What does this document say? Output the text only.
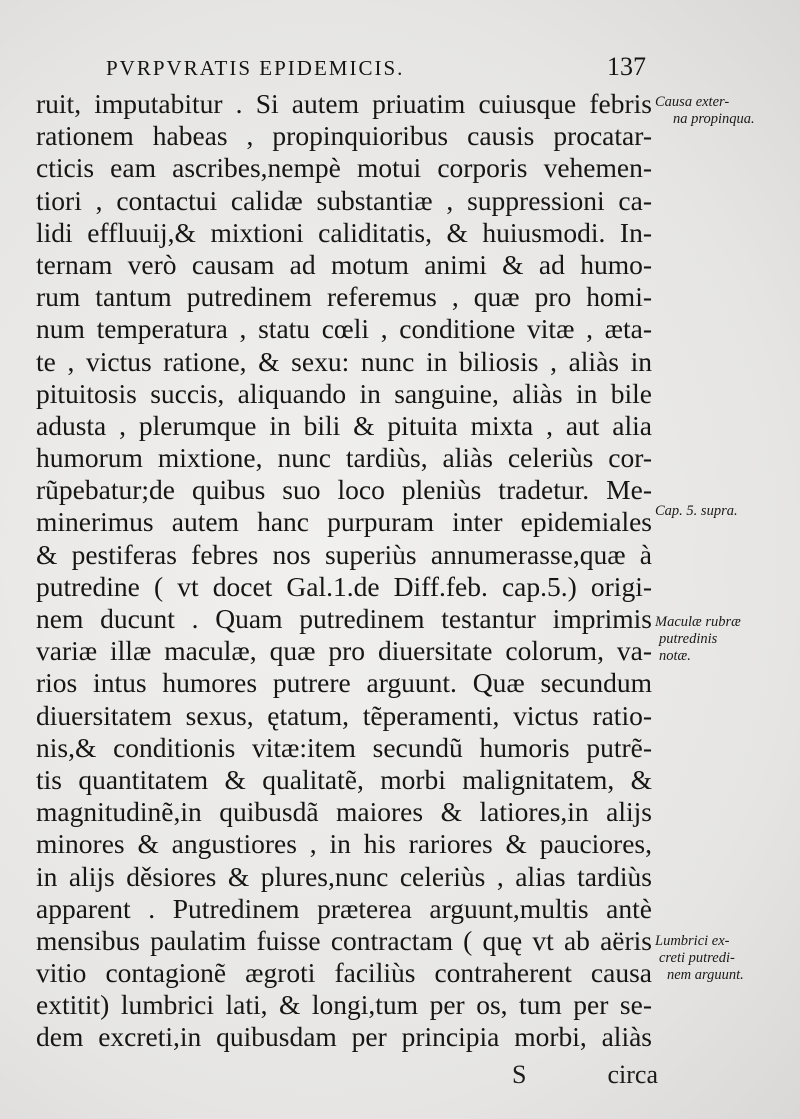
PVRPVRATIS EPIDEMICIS.	137
ruit, imputabitur . Si autem priuatim cuiusque febris
rationem habeas , propinquioribus causis procatar-
cticis eam ascribes,nempè motui corporis vehemen-
tiori , contactui calidæ substantiæ , suppressioni ca-
lidi effluuij,& mixtioni caliditatis, & huiusmodi. In-
ternam verò causam ad motum animi & ad humo-
rum tantum putredinem referemus , quæ pro homi-
num temperatura , statu cœli , conditione vitæ , æta-
te , victus ratione, & sexu: nunc in biliosis , aliàs in
pituitosis succis, aliquando in sanguine, aliàs in bile
adusta , plerumque in bili & pituita mixta , aut alia
humorum mixtione, nunc tardiùs, aliàs celeriùs cor-
rũpebatur;de quibus suo loco pleniùs tradetur. Me-
minerimus autem hanc purpuram inter epidemiales
& pestiferas febres nos superiùs annumerasse,quæ à
putredine ( vt docet Gal.1.de Diff.feb. cap.5.) origi-
nem ducunt . Quam putredinem testantur imprimis
variæ illæ maculæ, quæ pro diuersitate colorum, va-
rios intus humores putrere arguunt. Quæ secundum
diuersitatem sexus, ętatum, tẽperamenti, victus ratio-
nis,& conditionis vitæ:item secundũ humoris putrẽ-
tis quantitatem & qualitatẽ, morbi malignitatem, &
magnitudinẽ,in quibusdã maiores & latiores,in alijs
minores & angustiores , in his rariores & pauciores,
in alijs děsiores & plures,nunc celeriùs , alias tardiùs
apparent . Putredinem præterea arguunt,multis antè
mensibus paulatim fuisse contractam ( quę vt ab aëris
vitio contagionẽ ægroti faciliùs contraherent causa
extitit) lumbrici lati, & longi,tum per os, tum per se-
dem excreti,in quibusdam per principia morbi, aliàs
Causa exter-
na propinqua.
Cap. 5. supra.
Maculæ rubræ
putredinis
notæ.
Lumbrici ex-
creti putredi-
nem arguunt.
S	circa
